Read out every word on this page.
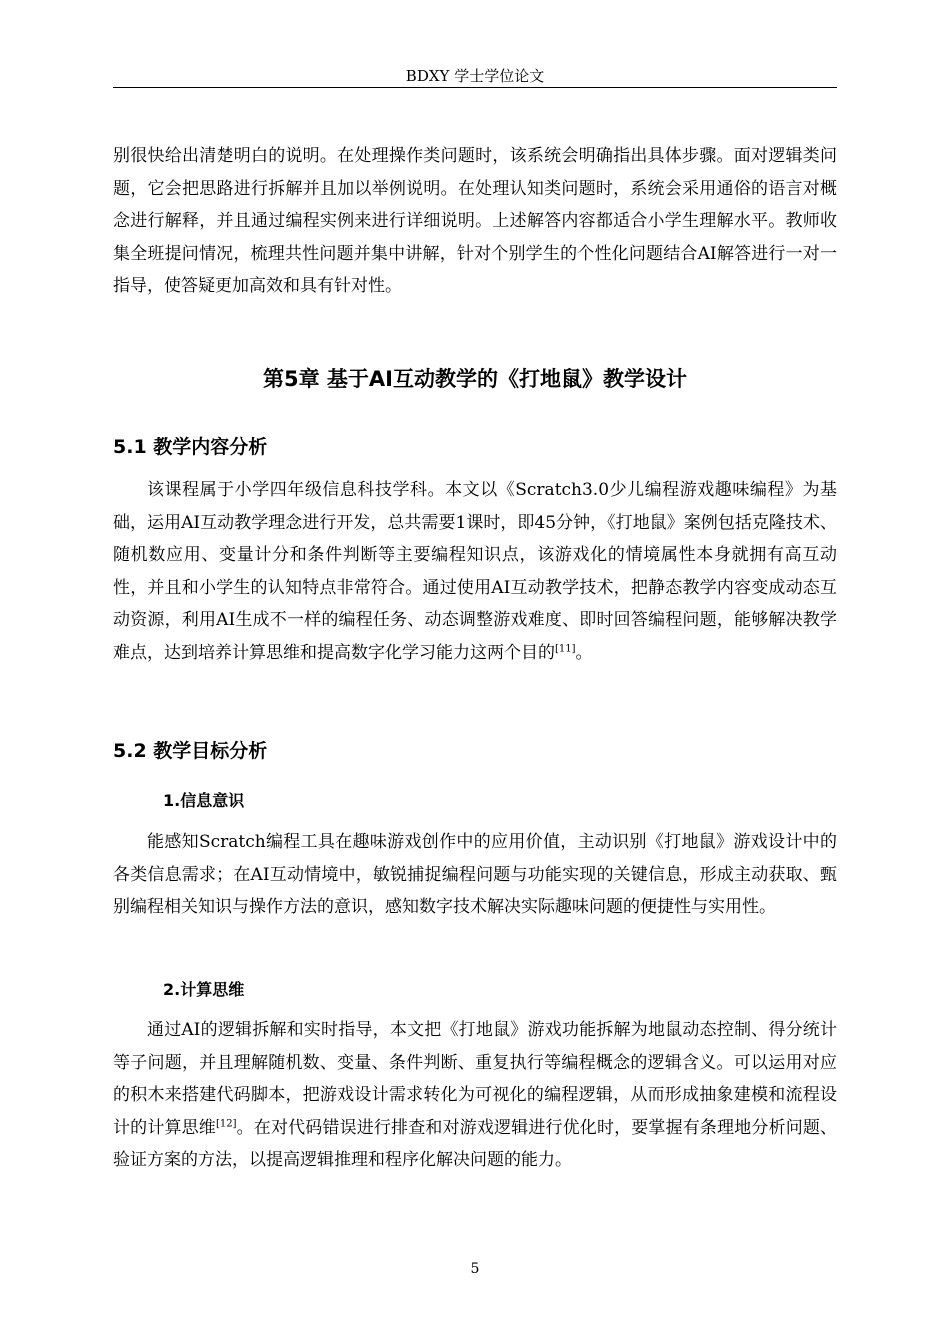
BDXY 学士学位论文

别很快给出清楚明白的说明。在处理操作类问题时，该系统会明确指出具体步骤。面对逻辑类问题，它会把思路进行拆解并且加以举例说明。在处理认知类问题时，系统会采用通俗的语言对概念进行解释，并且通过编程实例来进行详细说明。上述解答内容都适合小学生理解水平。教师收集全班提问情况，梳理共性问题并集中讲解，针对个别学生的个性化问题结合AI解答进行一对一指导，使答疑更加高效和具有针对性。

第5章 基于AI互动教学的《打地鼠》教学设计
5.1 教学内容分析

该课程属于小学四年级信息科技学科。本文以《Scratch3.0少儿编程游戏趣味编程》为基础，运用AI互动教学理念进行开发，总共需要1课时，即45分钟，《打地鼠》案例包括克隆技术、随机数应用、变量计分和条件判断等主要编程知识点，该游戏化的情境属性本身就拥有高互动性，并且和小学生的认知特点非常符合。通过使用AI互动教学技术，把静态教学内容变成动态互动资源，利用AI生成不一样的编程任务、动态调整游戏难度、即时回答编程问题，能够解决教学难点，达到培养计算思维和提高数字化学习能力这两个目的[11]。

5.2 教学目标分析
1.信息意识

能感知Scratch编程工具在趣味游戏创作中的应用价值，主动识别《打地鼠》游戏设计中的各类信息需求；在AI互动情境中，敏锐捕捉编程问题与功能实现的关键信息，形成主动获取、甄别编程相关知识与操作方法的意识，感知数字技术解决实际趣味问题的便捷性与实用性。

2.计算思维

通过AI的逻辑拆解和实时指导，本文把《打地鼠》游戏功能拆解为地鼠动态控制、得分统计等子问题，并且理解随机数、变量、条件判断、重复执行等编程概念的逻辑含义。可以运用对应的积木来搭建代码脚本，把游戏设计需求转化为可视化的编程逻辑，从而形成抽象建模和流程设计的计算思维[12]。在对代码错误进行排查和对游戏逻辑进行优化时，要掌握有条理地分析问题、验证方案的方法，以提高逻辑推理和程序化解决问题的能力。

5
